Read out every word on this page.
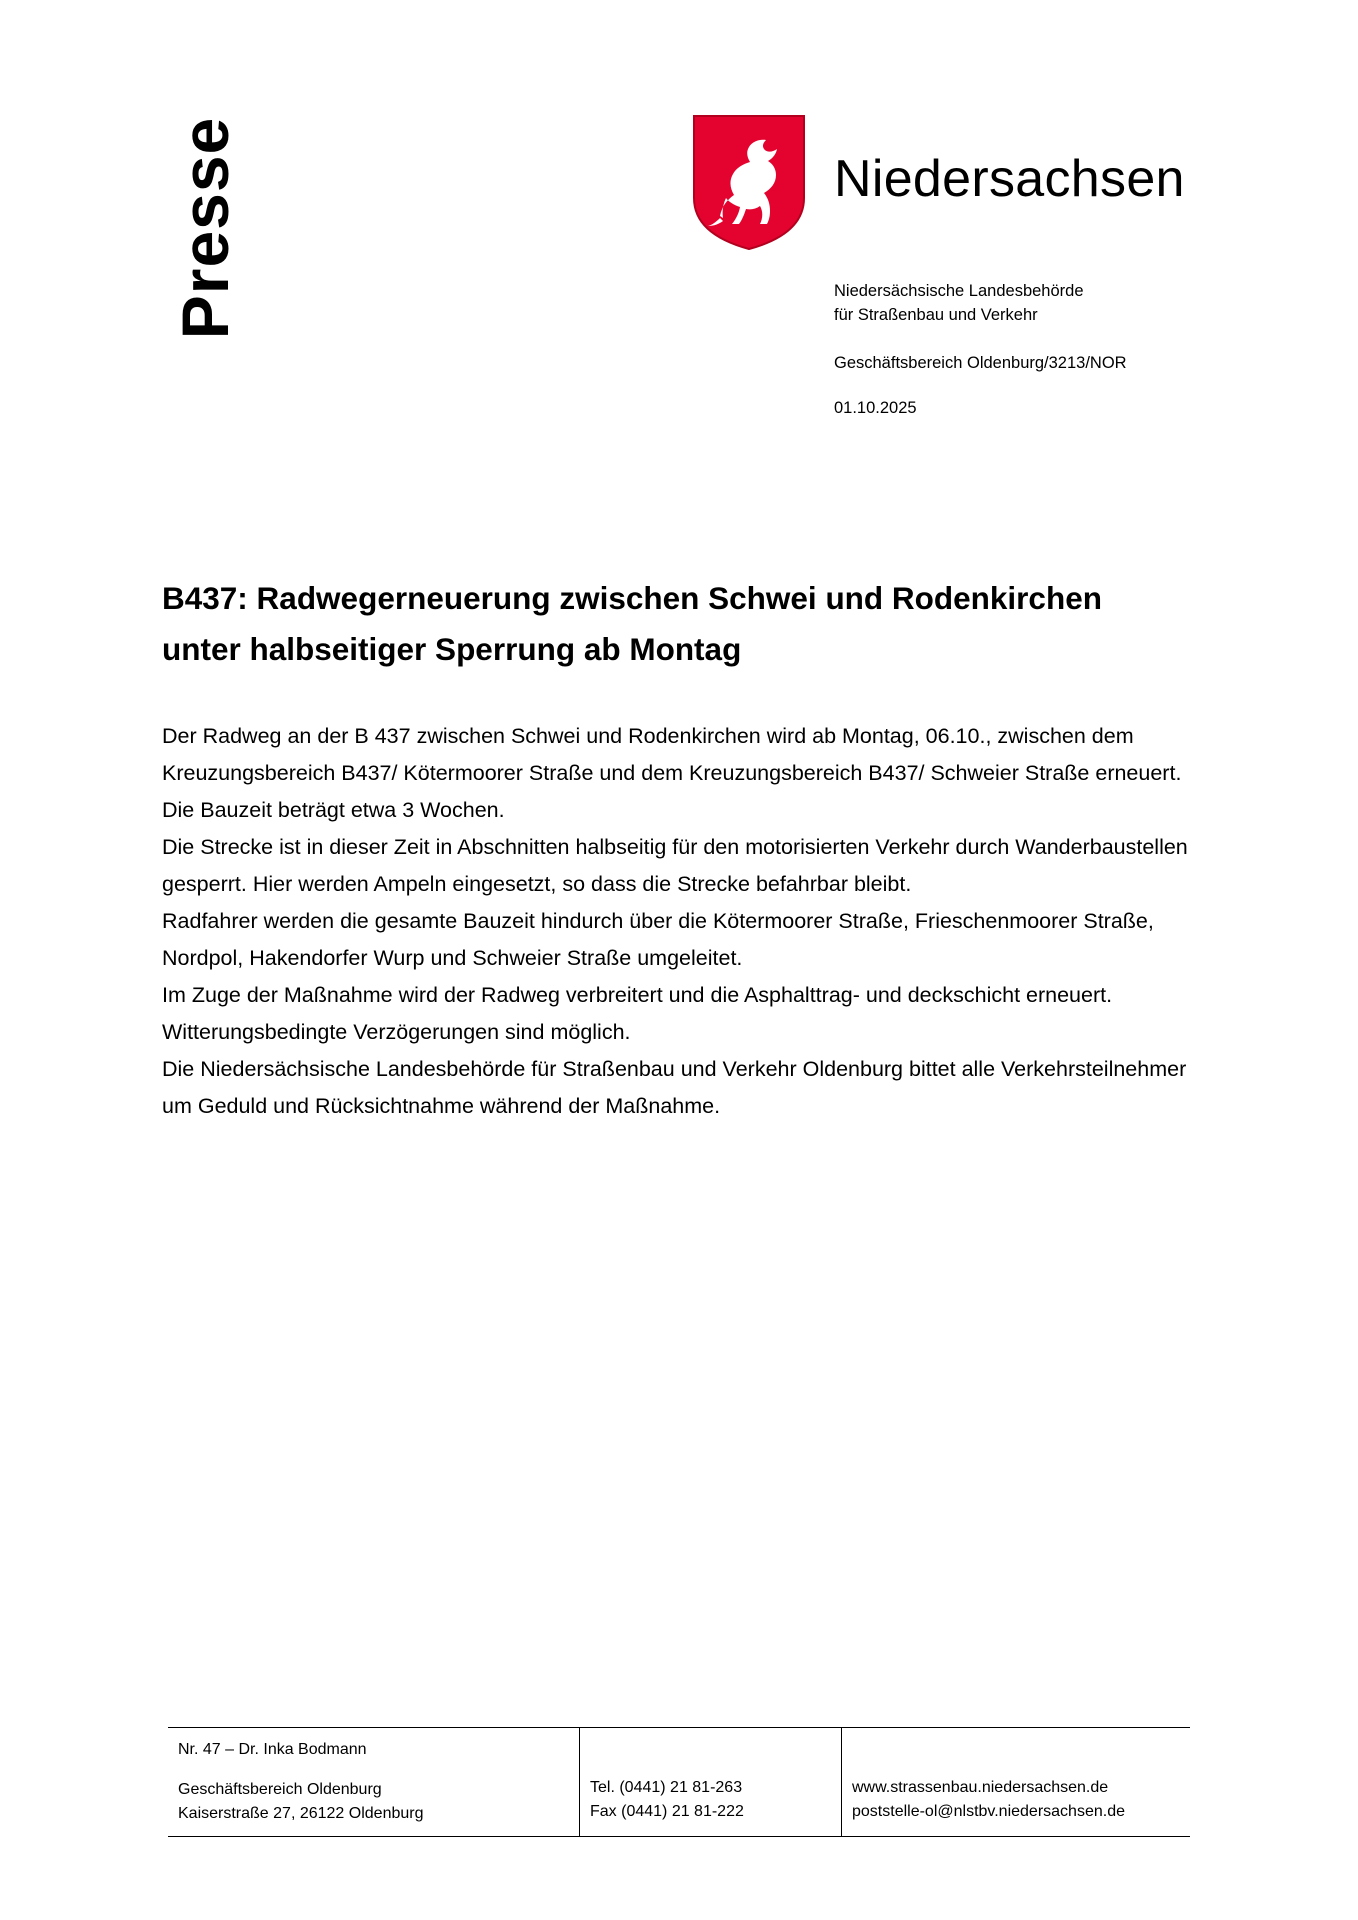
Presse	Niedersachsen
Niedersächsische Landesbehörde
für Straßenbau und Verkehr
Geschäftsbereich Oldenburg/3213/NOR
01.10.2025
B437: Radwegerneuerung zwischen Schwei und Rodenkirchen unter halbseitiger Sperrung ab Montag

Der Radweg an der B 437 zwischen Schwei und Rodenkirchen wird ab Montag, 06.10., zwischen dem Kreuzungsbereich B437/ Kötermoorer Straße und dem Kreuzungsbereich B437/ Schweier Straße erneuert. Die Bauzeit beträgt etwa 3 Wochen.

Die Strecke ist in dieser Zeit in Abschnitten halbseitig für den motorisierten Verkehr durch Wanderbaustellen gesperrt. Hier werden Ampeln eingesetzt, so dass die Strecke befahrbar bleibt.

Radfahrer werden die gesamte Bauzeit hindurch über die Kötermoorer Straße, Frieschenmoorer Straße, Nordpol, Hakendorfer Wurp und Schweier Straße umgeleitet.

Im Zuge der Maßnahme wird der Radweg verbreitert und die Asphalttrag- und deckschicht erneuert.

Witterungsbedingte Verzögerungen sind möglich.

Die Niedersächsische Landesbehörde für Straßenbau und Verkehr Oldenburg bittet alle Verkehrsteilnehmer um Geduld und Rücksichtnahme während der Maßnahme.

Nr. 47 – Dr. Inka Bodmann
Geschäftsbereich Oldenburg
Kaiserstraße 27, 26122 Oldenburg
Tel. (0441) 21 81-263
Fax (0441) 21 81-222
www.strassenbau.niedersachsen.de
poststelle-ol@nlstbv.niedersachsen.de
